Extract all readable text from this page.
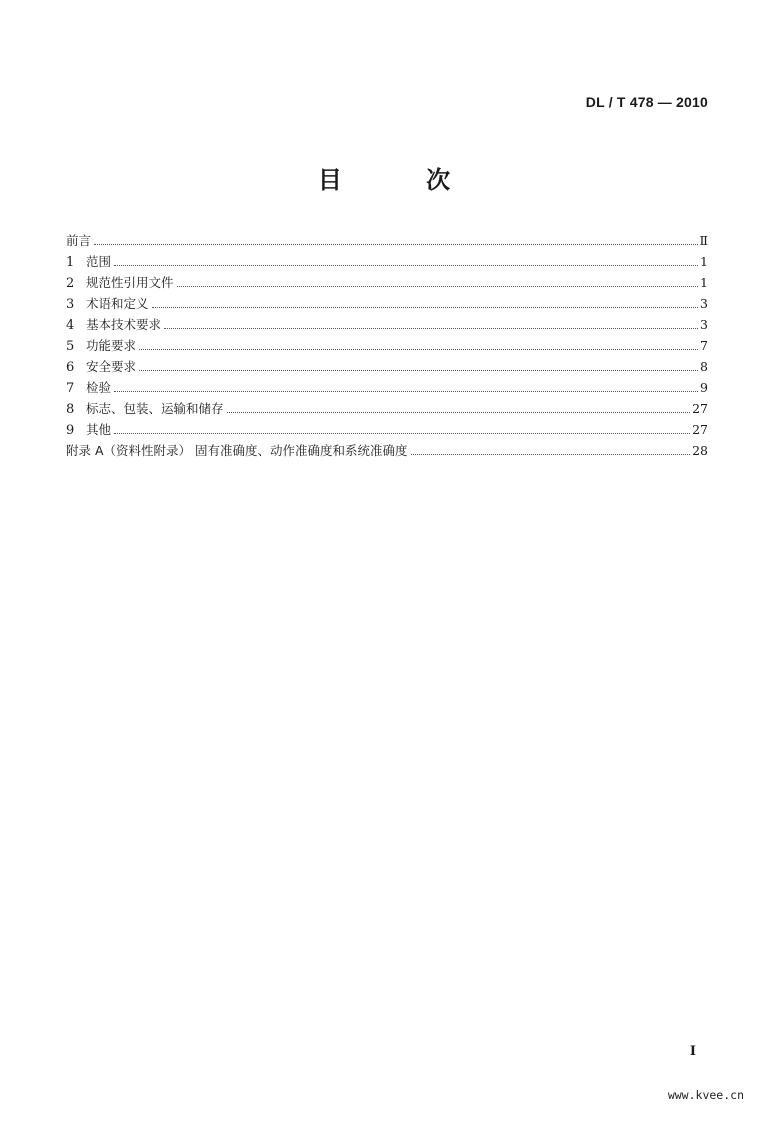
DL / T 478 — 2010
目 次
前言	Ⅱ
1 范围	1
2 规范性引用文件	1
3 术语和定义	3
4 基本技术要求	3
5 功能要求	7
6 安全要求	8
7 检验	9
8 标志、包装、运输和储存	27
9 其他	27
附录 A（资料性附录） 固有准确度、动作准确度和系统准确度	28
I
www.kvee.cn
